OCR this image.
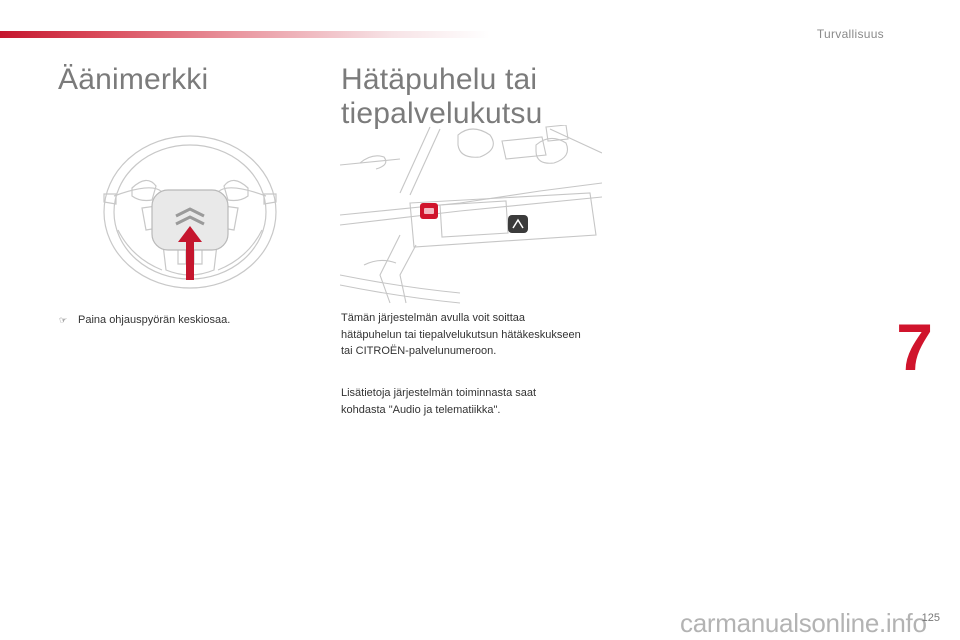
Turvallisuus
Äänimerkki	Hätäpuhelu tai
tiepalvelukutsu
☞ Paina ohjauspyörän keskiosaa.	Tämän järjestelmän avulla voit soittaa hätäpuhelun tai tiepalvelukutsun hätäkeskukseen tai CITROËN-palvelunumeroon.

Lisätietoja järjestelmän toiminnasta saat kohdasta "Audio ja telematiikka".

7
carmanualsonline.info
125
